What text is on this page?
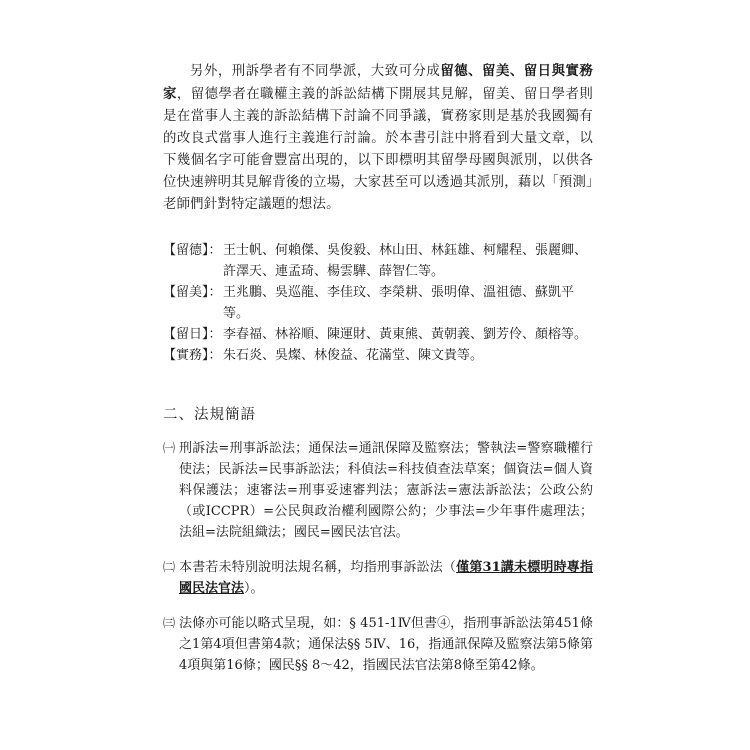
另外，刑訴學者有不同學派，大致可分成留德、留美、留日與實務家，留德學者在職權主義的訴訟結構下開展其見解，留美、留日學者則是在當事人主義的訴訟結構下討論不同爭議，實務家則是基於我國獨有的改良式當事人進行主義進行討論。於本書引註中將看到大量文章，以下幾個名字可能會豐富出現的，以下即標明其留學母國與派別，以供各位快速辨明其見解背後的立場，大家甚至可以透過其派別，藉以「預測」老師們針對特定議題的想法。

【留德】： 王士帆、何賴傑、吳俊毅、林山田、林鈺雄、柯耀程、張麗卿、許澤天、連孟琦、楊雲驊、薛智仁等。
【留美】： 王兆鵬、吳巡龍、李佳玟、李榮耕、張明偉、溫祖德、蘇凱平等。
【留日】： 李春福、林裕順、陳運財、黃東熊、黃朝義、劉芳伶、顏榕等。
【實務】： 朱石炎、吳燦、林俊益、花滿堂、陳文貴等。
二、法規簡語
㈠ 刑訴法=刑事訴訟法；通保法=通訊保障及監察法；警執法=警察職權行使法；民訴法=民事訴訟法；科偵法=科技偵查法草案；個資法=個人資料保護法；速審法=刑事妥速審判法；憲訴法=憲法訴訟法；公政公約（或ICCPR）=公民與政治權利國際公約；少事法=少年事件處理法；法組=法院組織法；國民=國民法官法。
㈡ 本書若未特別說明法規名稱，均指刑事訴訟法（僅第31講未標明時專指國民法官法）。
㈢ 法條亦可能以略式呈現，如：§ 451-1Ⅳ但書④，指刑事訴訟法第451條之1第4項但書第4款；通保法§§ 5Ⅳ、16，指通訊保障及監察法第5條第4項與第16條；國民§§ 8～42，指國民法官法第8條至第42條。
